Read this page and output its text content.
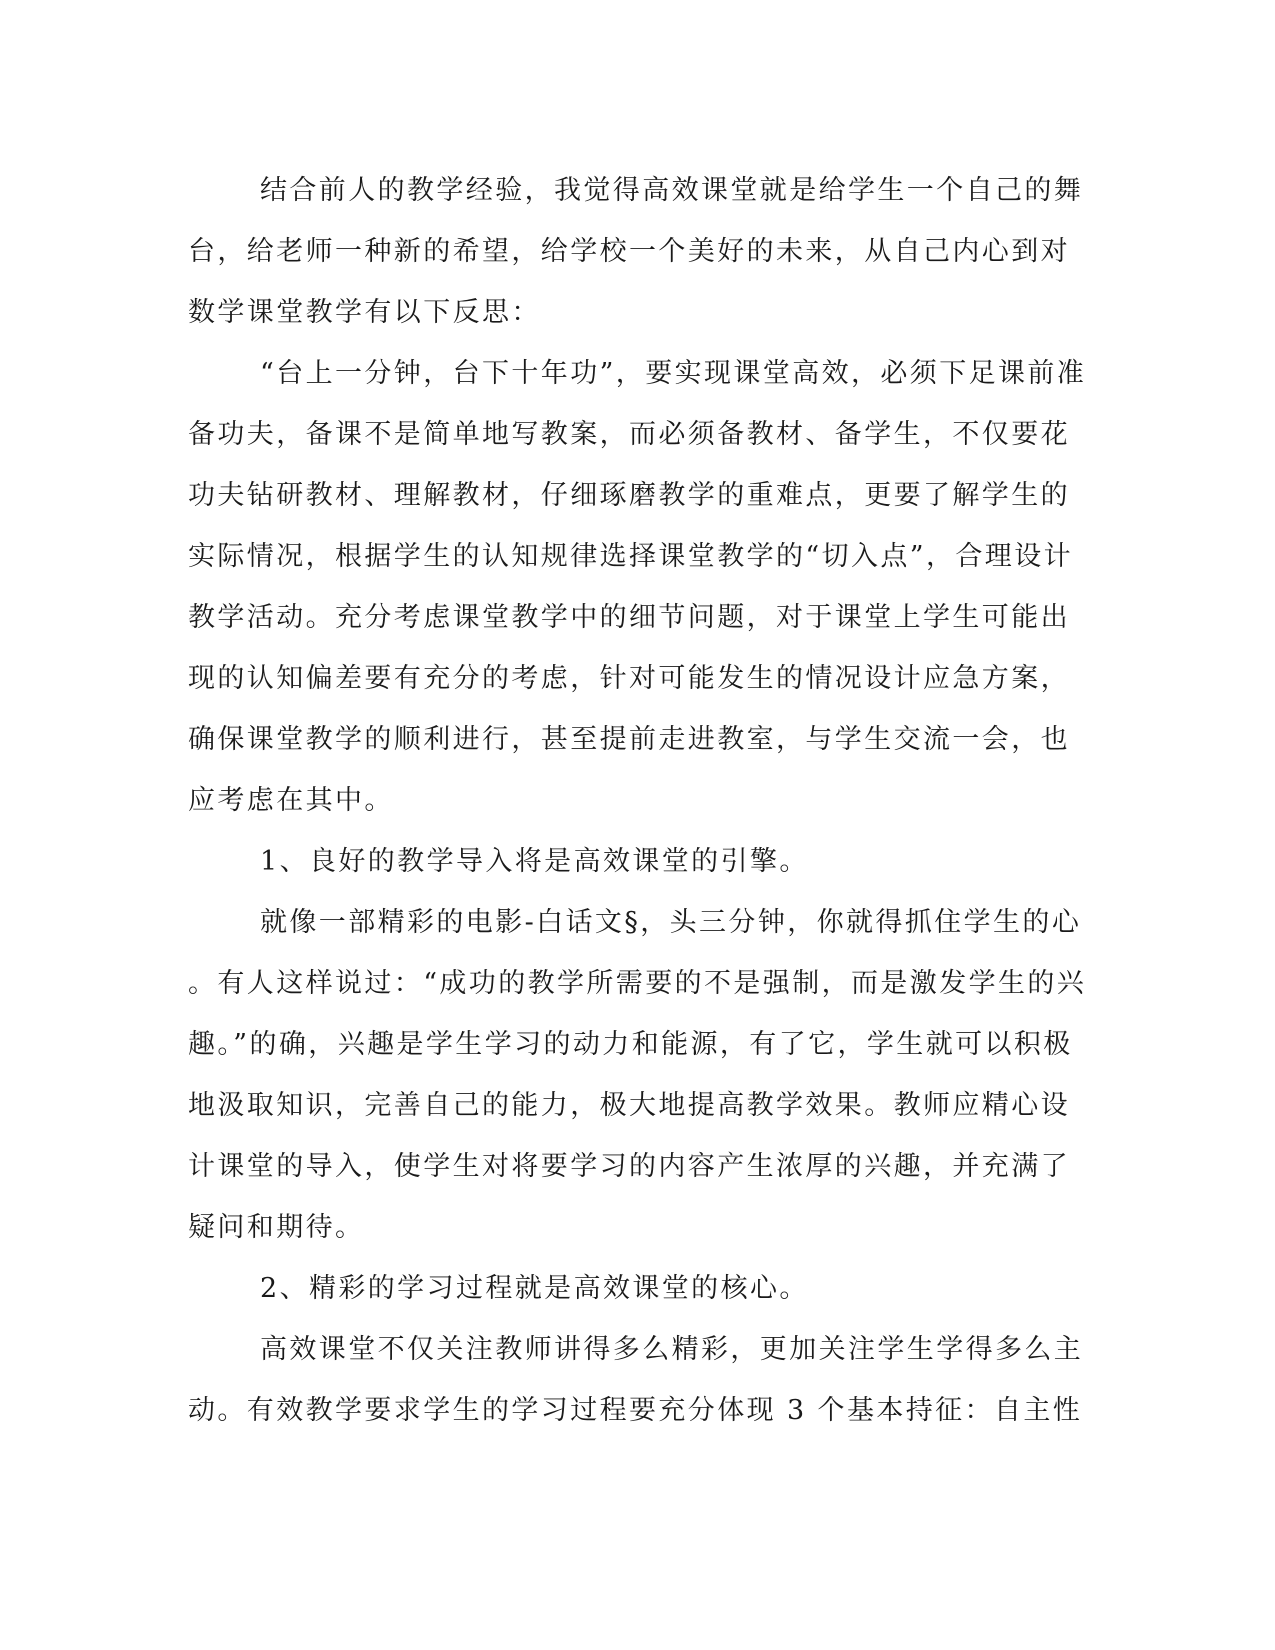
结合前人的教学经验，我觉得高效课堂就是给学生一个自己的舞
台，给老师一种新的希望，给学校一个美好的未来，从自己内心到对
数学课堂教学有以下反思：
“台上一分钟，台下十年功”，要实现课堂高效，必须下足课前准
备功夫，备课不是简单地写教案，而必须备教材、备学生，不仅要花
功夫钻研教材、理解教材，仔细琢磨教学的重难点，更要了解学生的
实际情况，根据学生的认知规律选择课堂教学的“切入点”，合理设计
教学活动。充分考虑课堂教学中的细节问题，对于课堂上学生可能出
现的认知偏差要有充分的考虑，针对可能发生的情况设计应急方案，
确保课堂教学的顺利进行，甚至提前走进教室，与学生交流一会，也
应考虑在其中。
1、良好的教学导入将是高效课堂的引擎。
就像一部精彩的电影-白话文§，头三分钟，你就得抓住学生的心
。有人这样说过：“成功的教学所需要的不是强制，而是激发学生的兴
趣。”的确，兴趣是学生学习的动力和能源，有了它，学生就可以积极
地汲取知识，完善自己的能力，极大地提高教学效果。教师应精心设
计课堂的导入，使学生对将要学习的内容产生浓厚的兴趣，并充满了
疑问和期待。
2、精彩的学习过程就是高效课堂的核心。
高效课堂不仅关注教师讲得多么精彩，更加关注学生学得多么主
动。有效教学要求学生的学习过程要充分体现 3 个基本持征：自主性
